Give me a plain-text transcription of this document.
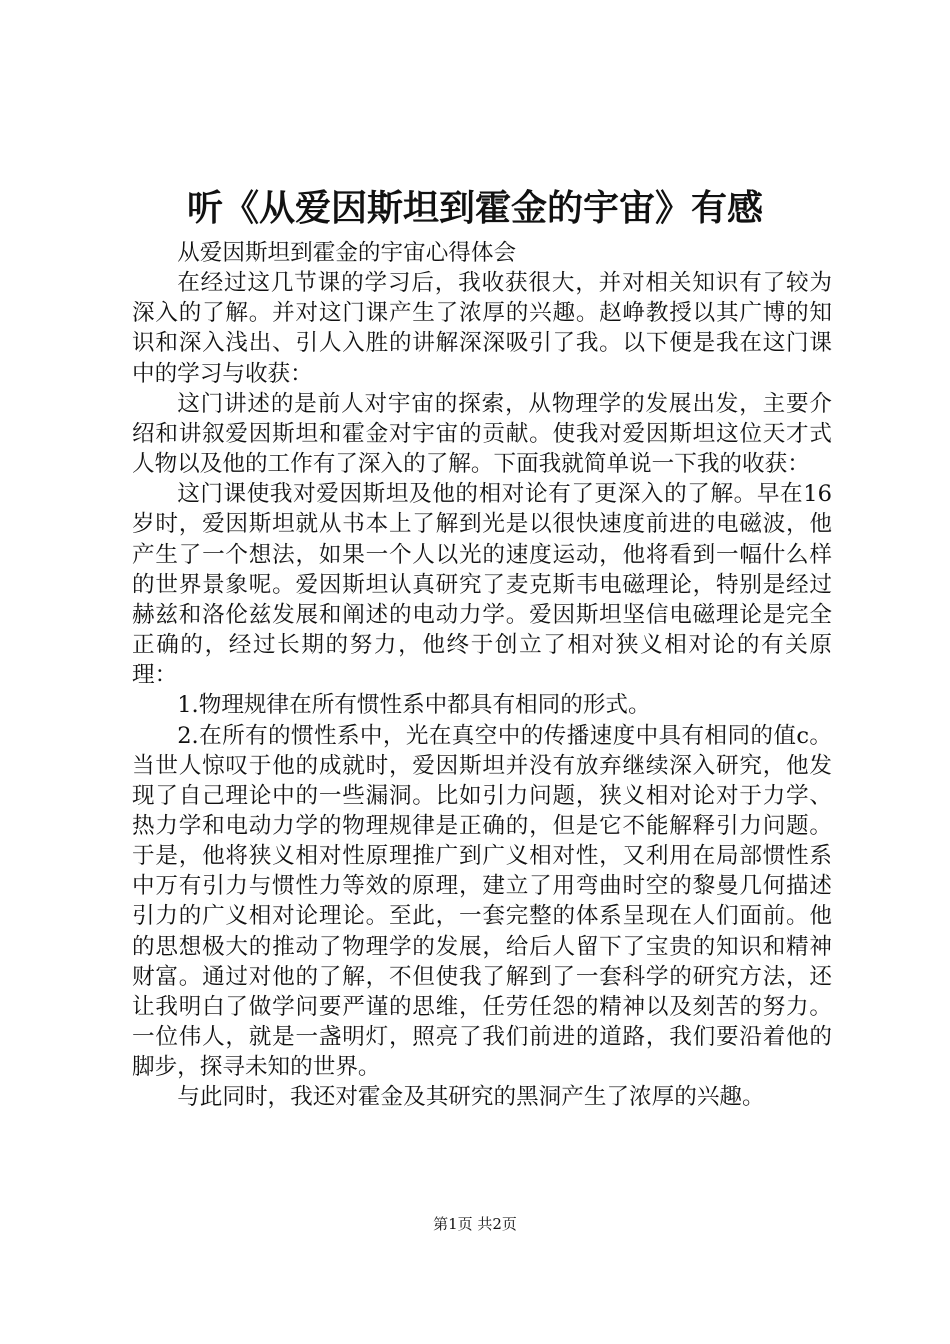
听《从爱因斯坦到霍金的宇宙》有感

从爱因斯坦到霍金的宇宙心得体会

在经过这几节课的学习后，我收获很大，并对相关知识有了较为深入的了解。并对这门课产生了浓厚的兴趣。赵峥教授以其广博的知识和深入浅出、引人入胜的讲解深深吸引了我。以下便是我在这门课中的学习与收获：

这门讲述的是前人对宇宙的探索，从物理学的发展出发，主要介绍和讲叙爱因斯坦和霍金对宇宙的贡献。使我对爱因斯坦这位天才式人物以及他的工作有了深入的了解。下面我就简单说一下我的收获：

这门课使我对爱因斯坦及他的相对论有了更深入的了解。早在16岁时，爱因斯坦就从书本上了解到光是以很快速度前进的电磁波，他产生了一个想法，如果一个人以光的速度运动，他将看到一幅什么样的世界景象呢。爱因斯坦认真研究了麦克斯韦电磁理论，特别是经过赫兹和洛伦兹发展和阐述的电动力学。爱因斯坦坚信电磁理论是完全正确的，经过长期的努力，他终于创立了相对狭义相对论的有关原理：

1.物理规律在所有惯性系中都具有相同的形式。

2.在所有的惯性系中，光在真空中的传播速度中具有相同的值c。当世人惊叹于他的成就时，爱因斯坦并没有放弃继续深入研究，他发现了自己理论中的一些漏洞。比如引力问题，狭义相对论对于力学、热力学和电动力学的物理规律是正确的，但是它不能解释引力问题。于是，他将狭义相对性原理推广到广义相对性，又利用在局部惯性系中万有引力与惯性力等效的原理，建立了用弯曲时空的黎曼几何描述引力的广义相对论理论。至此，一套完整的体系呈现在人们面前。他的思想极大的推动了物理学的发展，给后人留下了宝贵的知识和精神财富。通过对他的了解，不但使我了解到了一套科学的研究方法，还让我明白了做学问要严谨的思维，任劳任怨的精神以及刻苦的努力。一位伟人，就是一盏明灯，照亮了我们前进的道路，我们要沿着他的脚步，探寻未知的世界。

与此同时，我还对霍金及其研究的黑洞产生了浓厚的兴趣。

第1页 共2页
